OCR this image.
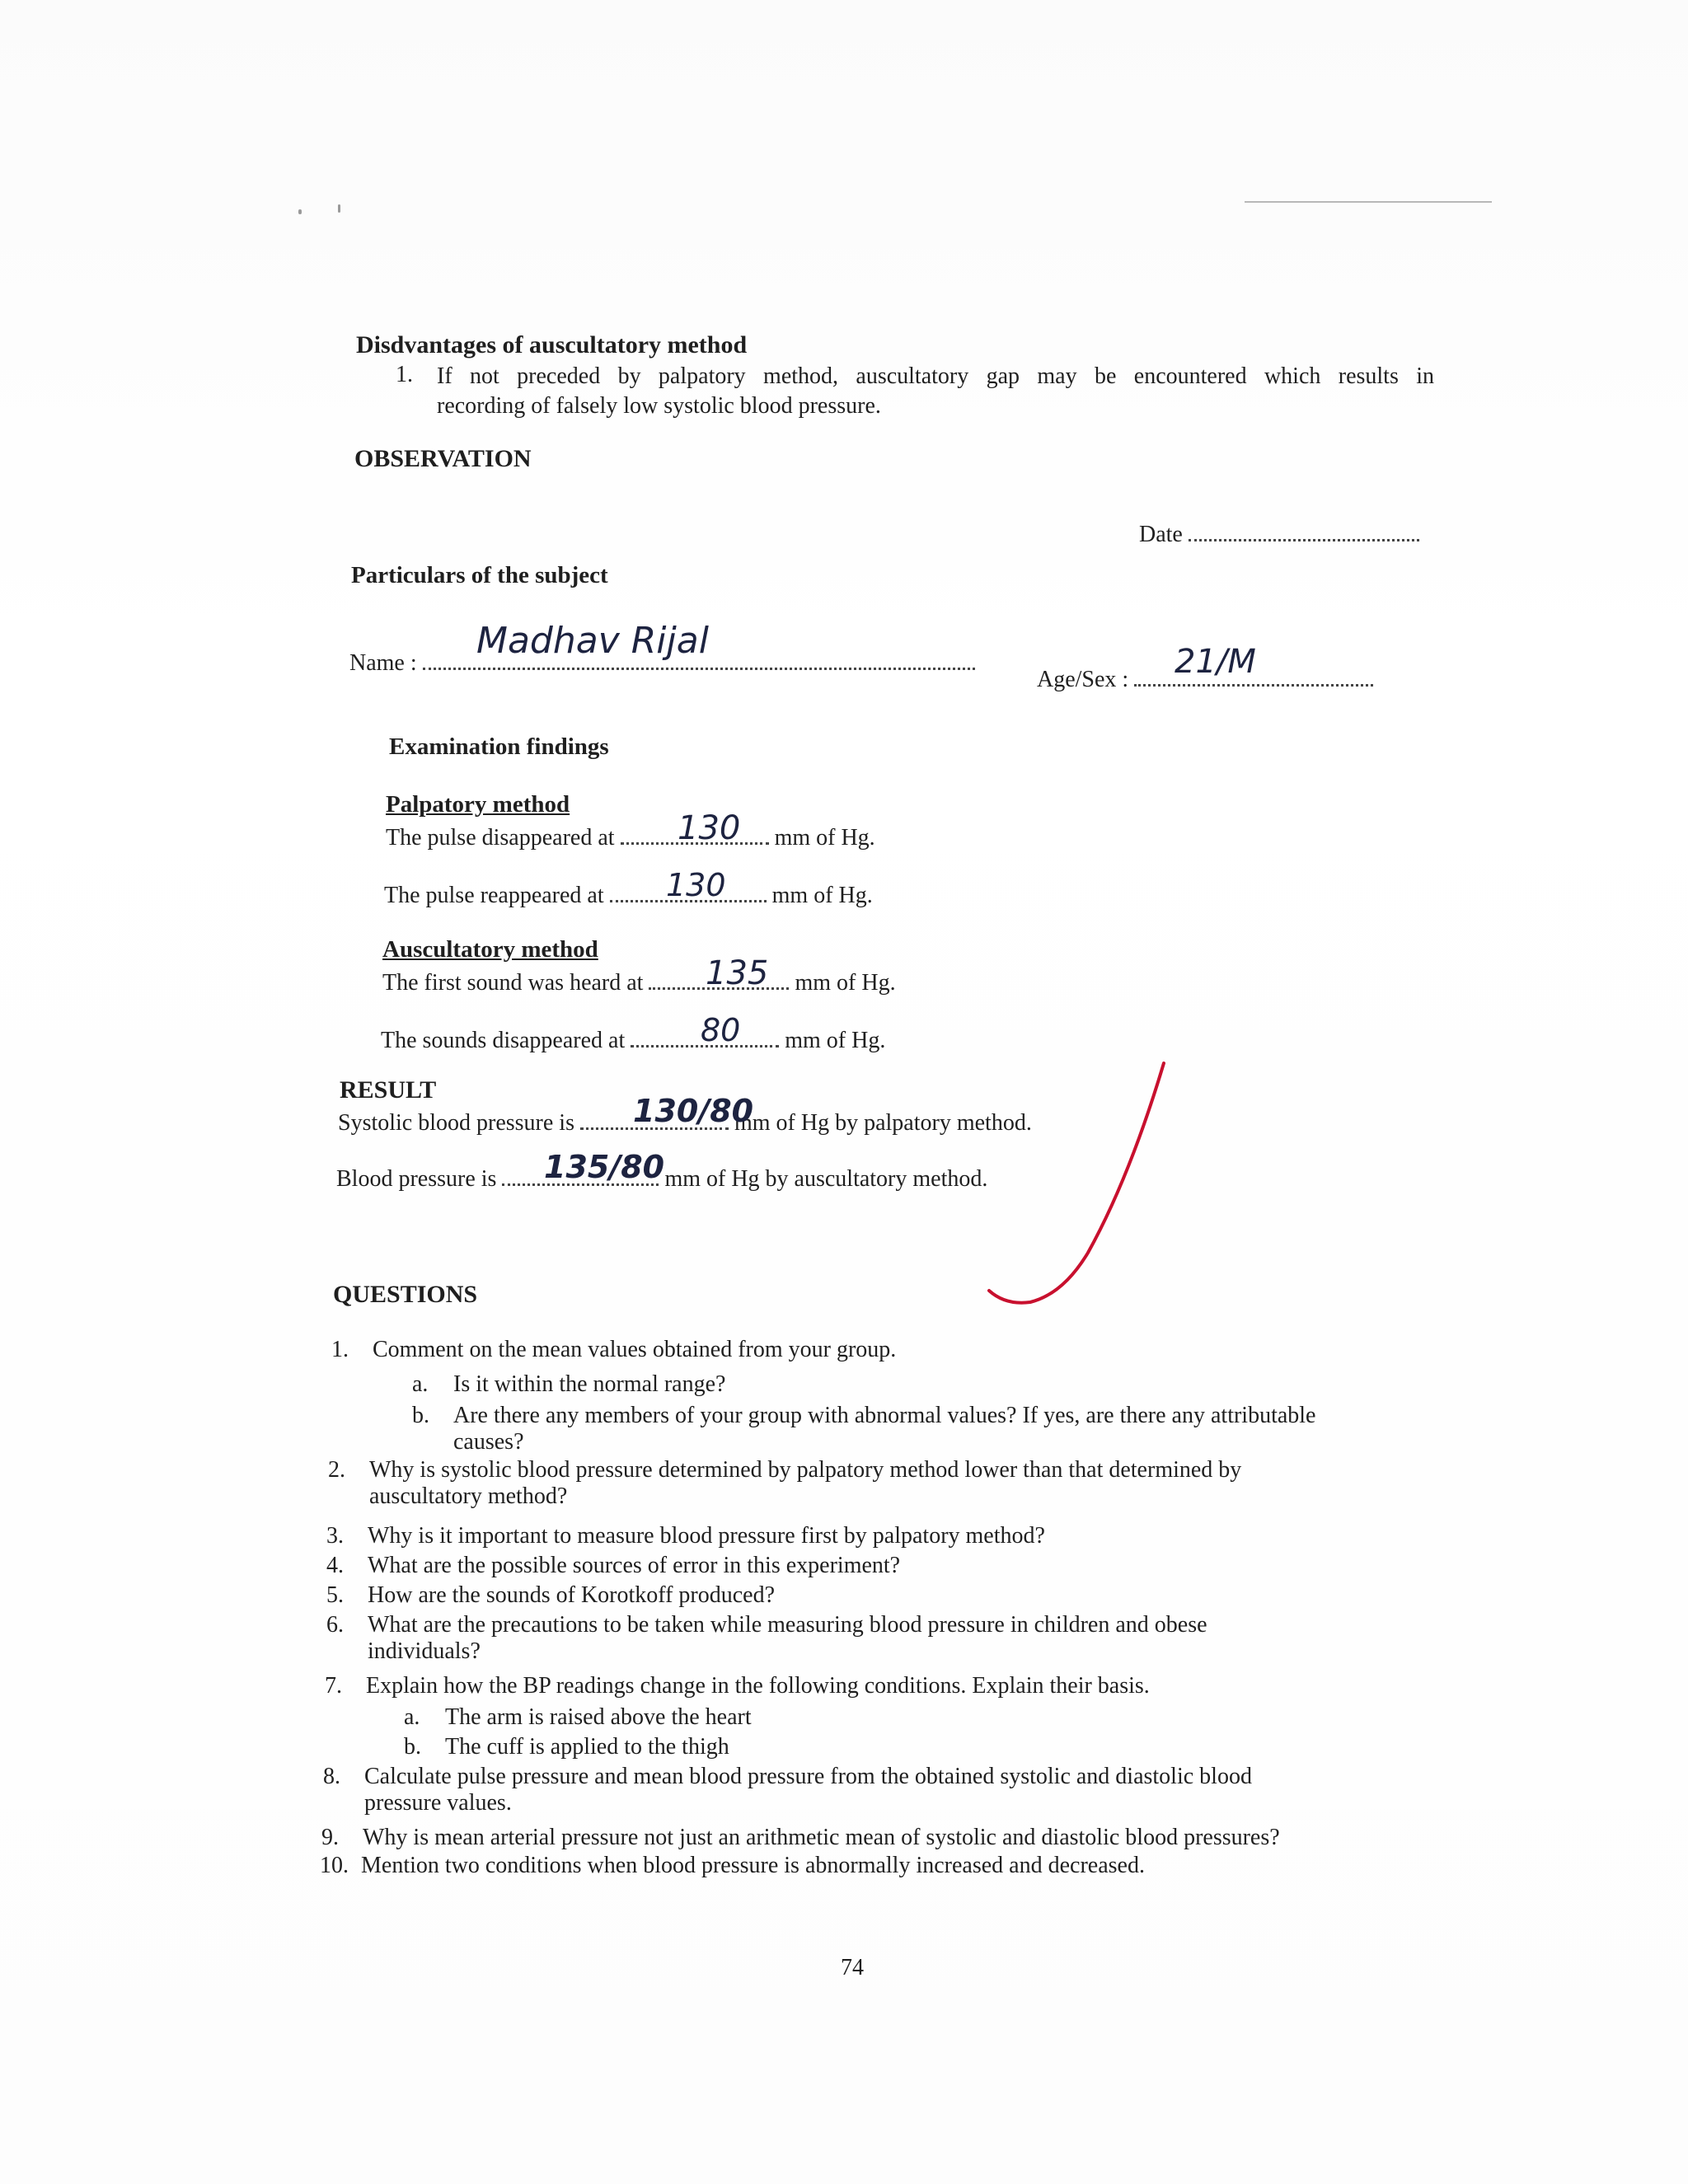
Disdvantages of auscultatory method
1. If not preceded by palpatory method, auscultatory gap may be encountered which results in
recording of falsely low systolic blood pressure.
OBSERVATION
Date
Particulars of the subject
Name :
Madhav Rijal
Age/Sex :	21/M
Examination findings
Palpatory method
The pulse disappeared at	mm of Hg.
130
The pulse reappeared at	mm of Hg.
130
Auscultatory method
The first sound was heard at	mm of Hg.
135
The sounds disappeared at	mm of Hg.
80
RESULT
Systolic blood pressure is	mm of Hg by palpatory method.
130/80
Blood pressure is	mm of Hg by auscultatory method.
135/80
QUESTIONS
1. Comment on the mean values obtained from your group.
a. Is it within the normal range?
b. Are there any members of your group with abnormal values? If yes, are there any attributable
causes?
2. Why is systolic blood pressure determined by palpatory method lower than that determined by
auscultatory method?
3. Why is it important to measure blood pressure first by palpatory method?
4. What are the possible sources of error in this experiment?
5. How are the sounds of Korotkoff produced?
6. What are the precautions to be taken while measuring blood pressure in children and obese
individuals?
7. Explain how the BP readings change in the following conditions. Explain their basis.
a. The arm is raised above the heart
b. The cuff is applied to the thigh
8. Calculate pulse pressure and mean blood pressure from the obtained systolic and diastolic blood
pressure values.
9. Why is mean arterial pressure not just an arithmetic mean of systolic and diastolic blood pressures?
10. Mention two conditions when blood pressure is abnormally increased and decreased.
74
